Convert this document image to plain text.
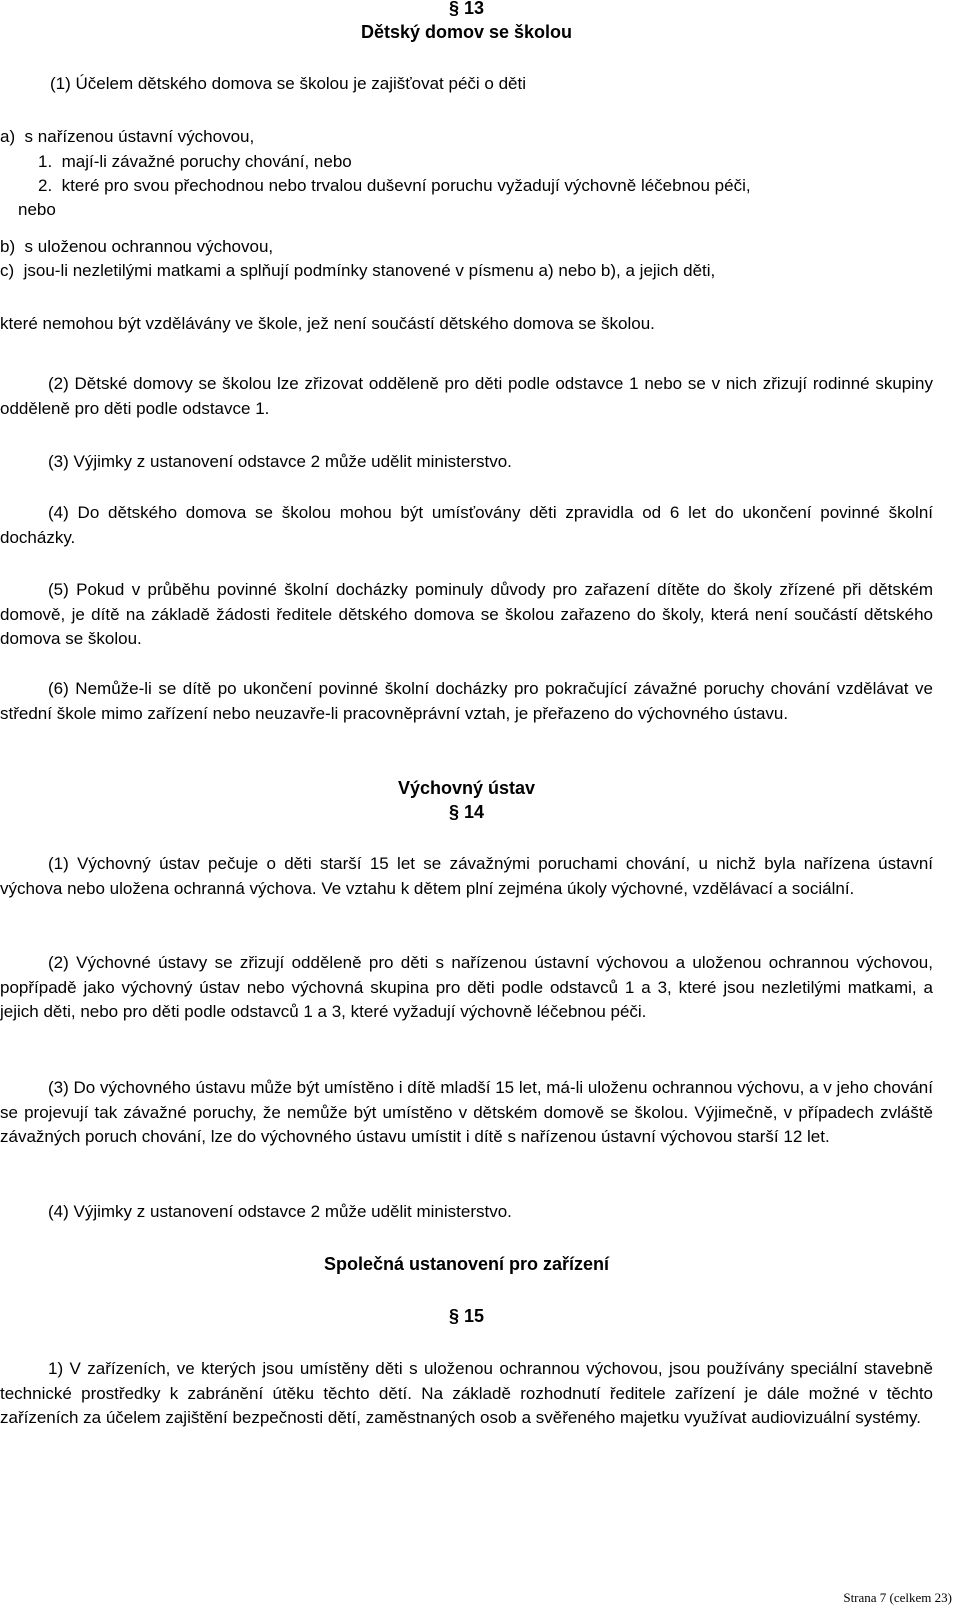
§ 13
Dětský domov se školou
(1) Účelem dětského domova se školou je zajišťovat péči o děti
a)  s nařízenou ústavní výchovou,
1.  mají-li závažné poruchy chování, nebo
2. které pro svou přechodnou nebo trvalou duševní poruchu vyžadují výchovně léčebnou péči,
nebo
b)  s uloženou ochrannou výchovou,
c)  jsou-li nezletilými matkami a splňují podmínky stanovené v písmenu a) nebo b), a jejich děti,
které nemohou být vzdělávány ve škole, jež není součástí dětského domova se školou.
(2) Dětské domovy se školou lze zřizovat odděleně pro děti podle odstavce 1 nebo se v nich zřizují rodinné skupiny odděleně pro děti podle odstavce 1.
(3) Výjimky z ustanovení odstavce 2 může udělit ministerstvo.
(4) Do dětského domova se školou mohou být umísťovány děti zpravidla od 6 let do ukončení povinné školní docházky.
(5) Pokud v průběhu povinné školní docházky pominuly důvody pro zařazení dítěte do školy zřízené při dětském domově, je dítě na základě žádosti ředitele dětského domova se školou zařazeno do školy, která není součástí dětského domova se školou.
(6) Nemůže-li se dítě po ukončení povinné školní docházky pro pokračující závažné poruchy chování vzdělávat ve střední škole mimo zařízení nebo neuzavře-li pracovněprávní vztah, je přeřazeno do výchovného ústavu.
Výchovný ústav
§ 14
(1) Výchovný ústav pečuje o děti starší 15 let se závažnými poruchami chování, u nichž byla nařízena ústavní výchova nebo uložena ochranná výchova. Ve vztahu k dětem plní zejména úkoly výchovné, vzdělávací a sociální.
(2) Výchovné ústavy se zřizují odděleně pro děti s nařízenou ústavní výchovou a uloženou ochrannou výchovou, popřípadě jako výchovný ústav nebo výchovná skupina pro děti podle odstavců 1 a 3, které jsou nezletilými matkami, a jejich děti, nebo pro děti podle odstavců 1 a 3, které vyžadují výchovně léčebnou péči.
(3) Do výchovného ústavu může být umístěno i dítě mladší 15 let, má-li uloženu ochrannou výchovu, a v jeho chování se projevují tak závažné poruchy, že nemůže být umístěno v dětském domově se školou. Výjimečně, v případech zvláště závažných poruch chování, lze do výchovného ústavu umístit i dítě s nařízenou ústavní výchovou starší 12 let.
(4) Výjimky z ustanovení odstavce 2 může udělit ministerstvo.
Společná ustanovení pro zařízení
§ 15
1) V zařízeních, ve kterých jsou umístěny děti s uloženou ochrannou výchovou, jsou používány speciální stavebně technické prostředky k zabránění útěku těchto dětí. Na základě rozhodnutí ředitele zařízení je dále možné v těchto zařízeních za účelem zajištění bezpečnosti dětí, zaměstnaných osob a svěřeného majetku využívat audiovizuální systémy.
Strana 7 (celkem 23)
